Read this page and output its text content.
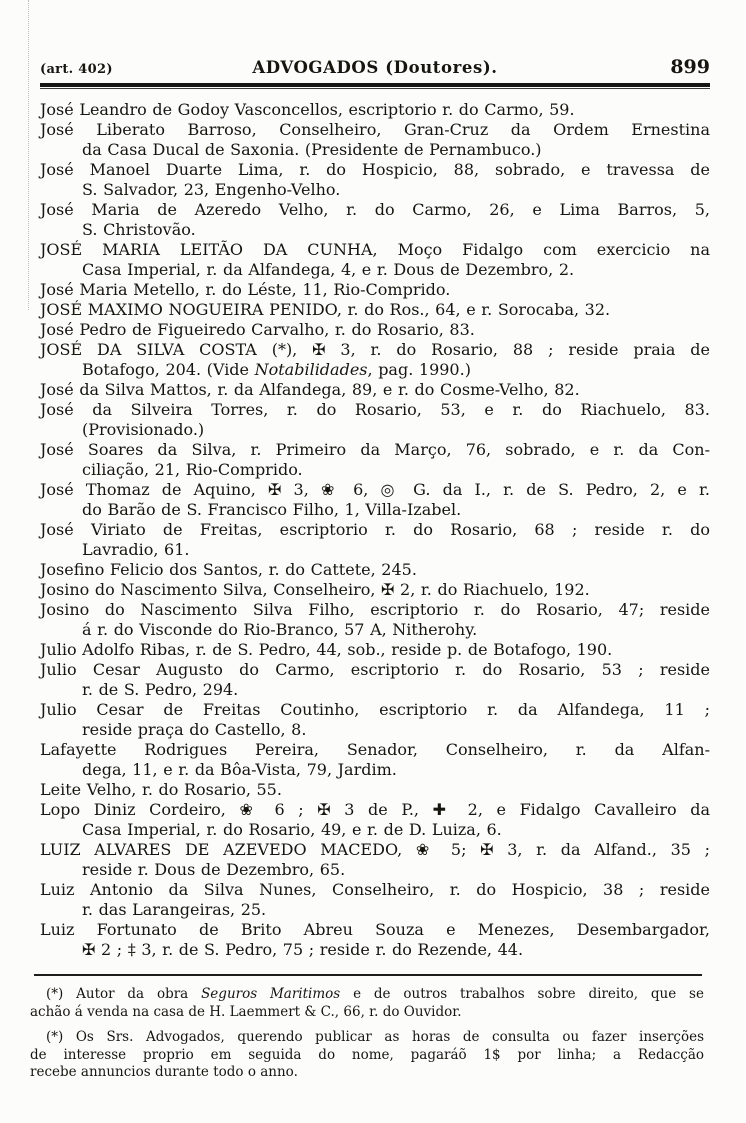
(art. 402)	ADVOGADOS (Doutores).	899
José Leandro de Godoy Vasconcellos, escriptorio r. do Carmo, 59.
José Liberato Barroso, Conselheiro, Gran-Cruz da Ordem Ernestina
da Casa Ducal de Saxonia. (Presidente de Pernambuco.)
José Manoel Duarte Lima, r. do Hospicio, 88, sobrado, e travessa de
S. Salvador, 23, Engenho-Velho.
José Maria de Azeredo Velho, r. do Carmo, 26, e Lima Barros, 5,
S. Christovão.
JOSÉ MARIA LEITÃO DA CUNHA, Moço Fidalgo com exercicio na
Casa Imperial, r. da Alfandega, 4, e r. Dous de Dezembro, 2.
José Maria Metello, r. do Léste, 11, Rio-Comprido.
JOSÉ MAXIMO NOGUEIRA PENIDO, r. do Ros., 64, e r. Sorocaba, 32.
José Pedro de Figueiredo Carvalho, r. do Rosario, 83.
JOSÉ DA SILVA COSTA (*), ✠ 3, r. do Rosario, 88 ; reside praia de
Botafogo, 204. (Vide Notabilidades, pag. 1990.)
José da Silva Mattos, r. da Alfandega, 89, e r. do Cosme-Velho, 82.
José da Silveira Torres, r. do Rosario, 53, e r. do Riachuelo, 83.
(Provisionado.)
José Soares da Silva, r. Primeiro da Março, 76, sobrado, e r. da Con-
ciliação, 21, Rio-Comprido.
José Thomaz de Aquino, ✠ 3, ❀ 6, ◎ G. da I., r. de S. Pedro, 2, e r.
do Barão de S. Francisco Filho, 1, Villa-Izabel.
José Viriato de Freitas, escriptorio r. do Rosario, 68 ; reside r. do
Lavradio, 61.
Josefino Felicio dos Santos, r. do Cattete, 245.
Josino do Nascimento Silva, Conselheiro, ✠ 2, r. do Riachuelo, 192.
Josino do Nascimento Silva Filho, escriptorio r. do Rosario, 47; reside
á r. do Visconde do Rio-Branco, 57 A, Nitherohy.
Julio Adolfo Ribas, r. de S. Pedro, 44, sob., reside p. de Botafogo, 190.
Julio Cesar Augusto do Carmo, escriptorio r. do Rosario, 53 ; reside
r. de S. Pedro, 294.
Julio Cesar de Freitas Coutinho, escriptorio r. da Alfandega, 11 ;
reside praça do Castello, 8.
Lafayette Rodrigues Pereira, Senador, Conselheiro, r. da Alfan-
dega, 11, e r. da Bôa-Vista, 79, Jardim.
Leite Velho, r. do Rosario, 55.
Lopo Diniz Cordeiro, ❀ 6 ; ✠ 3 de P., ✚ 2, e Fidalgo Cavalleiro da
Casa Imperial, r. do Rosario, 49, e r. de D. Luiza, 6.
LUIZ ALVARES DE AZEVEDO MACEDO, ❀ 5; ✠ 3, r. da Alfand., 35 ;
reside r. Dous de Dezembro, 65.
Luiz Antonio da Silva Nunes, Conselheiro, r. do Hospicio, 38 ; reside
r. das Larangeiras, 25.
Luiz Fortunato de Brito Abreu Souza e Menezes, Desembargador,
✠ 2 ; ‡ 3, r. de S. Pedro, 75 ; reside r. do Rezende, 44.
(*) Autor da obra Seguros Maritimos e de outros trabalhos sobre direito, que se
achão á venda na casa de H. Laemmert & C., 66, r. do Ouvidor.
(*) Os Srs. Advogados, querendo publicar as horas de consulta ou fazer inserções
de interesse proprio em seguida do nome, pagaráõ 1$ por linha; a Redacção
recebe annuncios durante todo o anno.
